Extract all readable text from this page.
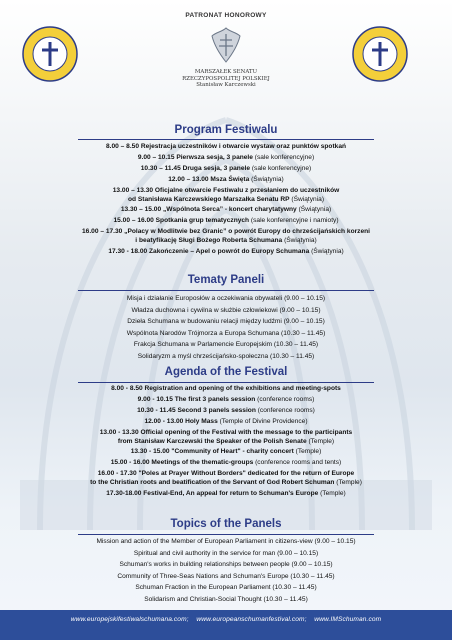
PATRONAT HONOROWY
MARSZAŁEK SENATU
RZECZYPOSPOLITEJ POLSKIEJ
Stanisław Karczewski
Program Festiwalu
8.00 – 8.50 Rejestracja uczestników i otwarcie wystaw oraz punktów spotkań
9.00 – 10.15 Pierwsza sesja, 3 panele (sale konferencyjne)
10.30 – 11.45 Druga sesja, 3 panele (sale konferencyjne)
12.00 – 13.00 Msza Święta (Świątynia)
13.00 – 13.30 Oficjalne otwarcie Festiwalu z przesłaniem do uczestników
od Stanisława Karczewskiego Marszałka Senatu RP (Świątynia)
13.30 – 15.00 „Wspólnota Serca” - koncert charytatywny (Świątynia)
15.00 – 16.00 Spotkania grup tematycznych (sale konferencyjne i namioty)
16.00 – 17.30 „Polacy w Modlitwie bez Granic” o powrót Europy do chrześcijańskich korzeni
i beatyfikację Sługi Bożego Roberta Schumana (Świątynia)
17.30 - 18.00 Zakończenie – Apel o powrót do Europy Schumana (Świątynia)
Tematy Paneli
Misja i działanie Europosłów a oczekiwania obywateli (9.00 – 10.15)
Władza duchowna i cywilna w służbie człowiekowi (9.00 – 10.15)
Dzieła Schumana w budowaniu relacji między ludźmi (9.00 – 10.15)
Wspólnota Narodów Trójmorza a Europa Schumana (10.30 – 11.45)
Frakcja Schumana w Parlamencie Europejskim (10.30 – 11.45)
Solidaryzm a myśl chrześcijańsko-społeczna (10.30 – 11.45)
Agenda of the Festival
8.00 - 8.50 Registration and opening of the exhibitions and meeting-spots
9.00 - 10.15 The first 3 panels session (conference rooms)
10.30 - 11.45 Second 3 panels session (conference rooms)
12.00 - 13.00 Holy Mass (Temple of Divine Providence)
13.00 - 13.30 Official opening of the Festival with the message to the participants
from Stanisław Karczewski the Speaker of the Polish Senate (Temple)
13.30 - 15.00 "Community of Heart" - charity concert (Temple)
15.00 - 16.00 Meetings of the thematic-groups (conference rooms and tents)
16.00 - 17.30 "Poles at Prayer Without Borders" dedicated for the return of Europe
to the Christian roots and beatification of the Servant of God Robert Schuman (Temple)
17.30-18.00 Festival-End, An appeal for return to Schuman's Europe (Temple)
Topics of the Panels
Mission and action of the Member of European Parliament in citizens-view (9.00 – 10.15)
Spiritual and civil authority in the service for man (9.00 – 10.15)
Schuman's works in building relationships between people (9.00 – 10.15)
Community of Three-Seas Nations and Schuman's Europe (10.30 – 11.45)
Schuman Fraction in the European Parliament (10.30 – 11.45)
Solidarism and Christian-Social Thought (10.30 – 11.45)
www.europejskifestiwalschumana.com; www.europeanschumanfestival.com; www.IMSchuman.com
